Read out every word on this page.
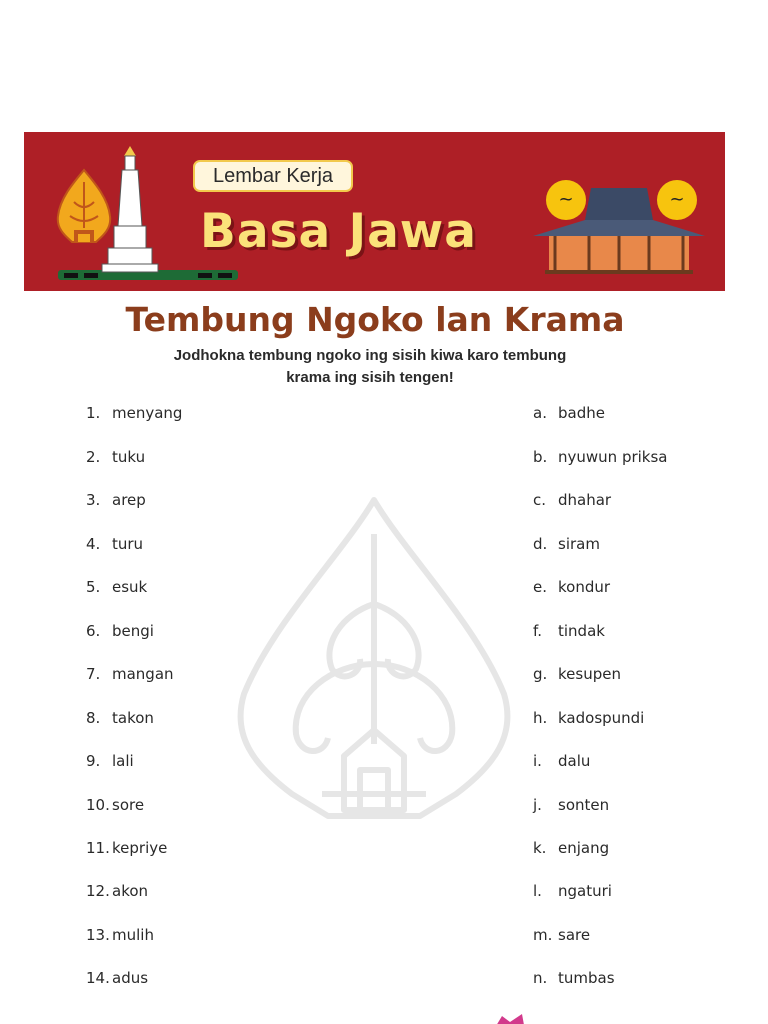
~	~
Lembar Kerja
Basa Jawa
Tembung Ngoko lan Krama
Jodhokna tembung ngoko ing sisih kiwa karo tembung
krama ing sisih tengen!
1. menyang
2. tuku
3. arep
4. turu
5. esuk
6. bengi
7. mangan
8. takon
9. lali
10. sore
11. kepriye
12. akon
13. mulih
14. adus
a. badhe
b. nyuwun priksa
c. dhahar
d. siram
e. kondur
f. tindak
g. kesupen
h. kadospundi
i. dalu
j. sonten
k. enjang
l. ngaturi
m. sare
n. tumbas
